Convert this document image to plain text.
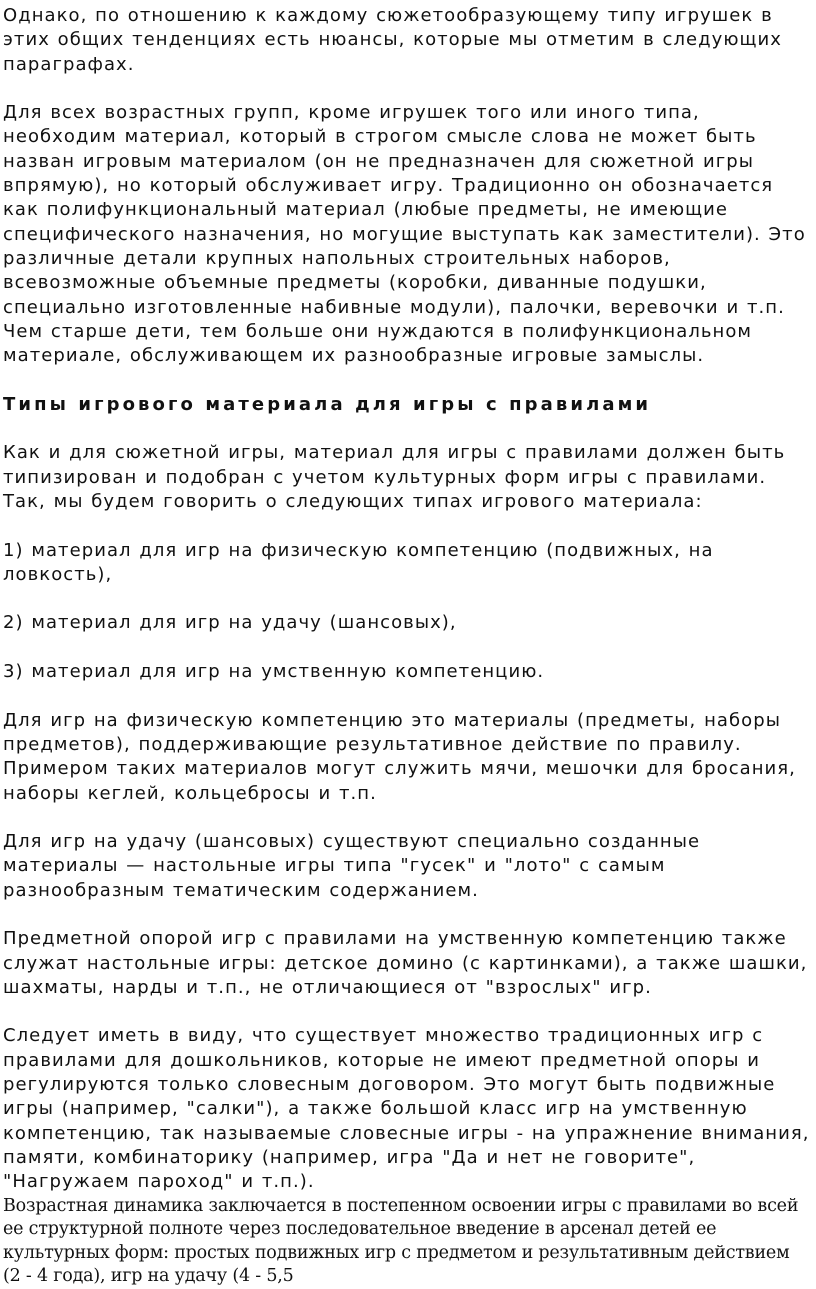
Однако, по отношению к каждому сюжетообразующему типу игрушек в этих общих тенденциях есть нюансы, которые мы отметим в следующих параграфах.

Для всех возрастных групп, кроме игрушек того или иного типа, необходим материал, который в строгом смысле слова не может быть назван игровым материалом (он не предназначен для сюжетной игры впрямую), но который обслуживает игру. Традиционно он обозначается как полифункциональный материал (любые предметы, не имеющие специфического назначения, но могущие выступать как заместители). Это различные детали крупных напольных строительных наборов, всевозможные объемные предметы (коробки, диванные подушки, специально изготовленные набивные модули), палочки, веревочки и т.п. Чем старше дети, тем больше они нуждаются в полифункциональном материале, обслуживающем их разнообразные игровые замыслы.

Типы игрового материала для игры с правилами

Как и для сюжетной игры, материал для игры с правилами должен быть типизирован и подобран с учетом культурных форм игры с правилами. Так, мы будем говорить о следующих типах игрового материала:

1) материал для игр на физическую компетенцию (подвижных, на ловкость),

2) материал для игр на удачу (шансовых),

3) материал для игр на умственную компетенцию.

Для игр на физическую компетенцию это материалы (предметы, наборы предметов), поддерживающие результативное действие по правилу. Примером таких материалов могут служить мячи, мешочки для бросания, наборы кеглей, кольцебросы и т.п.

Для игр на удачу (шансовых) существуют специально созданные материалы — настольные игры типа "гусек" и "лото" с самым разнообразным тематическим содержанием.

Предметной опорой игр с правилами на умственную компетенцию также служат настольные игры: детское домино (с картинками), а также шашки, шахматы, нарды и т.п., не отличающиеся от "взрослых" игр.

Следует иметь в виду, что существует множество традиционных игр с правилами для дошкольников, которые не имеют предметной опоры и регулируются только словесным договором. Это могут быть подвижные игры (например, "салки"), а также большой класс игр на умственную компетенцию, так называемые словесные игры - на упражнение внимания, памяти, комбинаторику (например, игра "Да и нет не говорите", "Нагружаем пароход" и т.п.).

Возрастная динамика заключается в постепенном освоении игры с правилами во всей ее структурной полноте через последовательное введение в арсенал детей ее культурных форм: простых подвижных игр с предметом и результативным действием (2 - 4 года), игр на удачу (4 - 5,5
